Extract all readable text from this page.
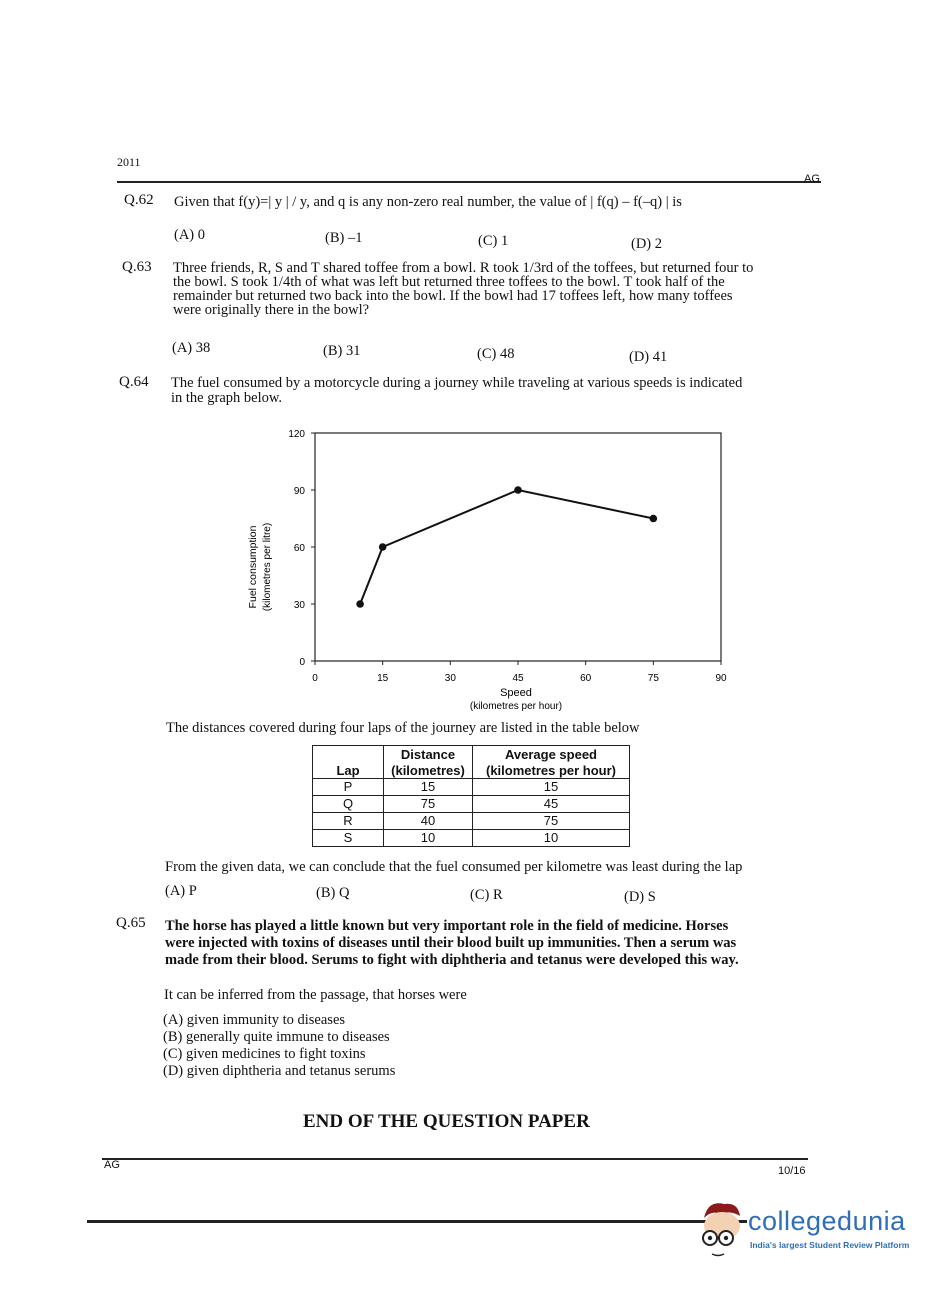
2011
AG
Q.62 Given that f(y)=| y | / y, and q is any non-zero real number, the value of | f(q) – f(–q) | is
(A) 0	(B) –1	(C) 1	(D) 2
Q.63 Three friends, R, S and T shared toffee from a bowl. R took 1/3rd of the toffees, but returned four to
the bowl. S took 1/4th of what was left but returned three toffees to the bowl. T took half of the
remainder but returned two back into the bowl. If the bowl had 17 toffees left, how many toffees
were originally there in the bowl?
(A) 38	(B) 31	(C) 48	(D) 41
Q.64 The fuel consumed by a motorcycle during a journey while traveling at various speeds is indicated
in the graph below.
0
30
60
90
120
0	15	30	45	60	75	90
Speed
(kilometres per hour)
Fuel consumption (kilometres per litre)
The distances covered during four laps of the journey are listed in the table below
Lap	Distance	Average speed
	(kilometres)	(kilometres per hour)
P	15	15
Q	75	45
R	40	75
S	10	10
From the given data, we can conclude that the fuel consumed per kilometre was least during the lap
(A) P	(B) Q	(C) R	(D) S
Q.65 The horse has played a little known but very important role in the field of medicine. Horses
were injected with toxins of diseases until their blood built up immunities. Then a serum was
made from their blood. Serums to fight with diphtheria and tetanus were developed this way.
It can be inferred from the passage, that horses were
(A) given immunity to diseases
(B) generally quite immune to diseases
(C) given medicines to fight toxins
(D) given diphtheria and tetanus serums
END OF THE QUESTION PAPER
AG	10/16
collegedunia
India's largest Student Review Platform
